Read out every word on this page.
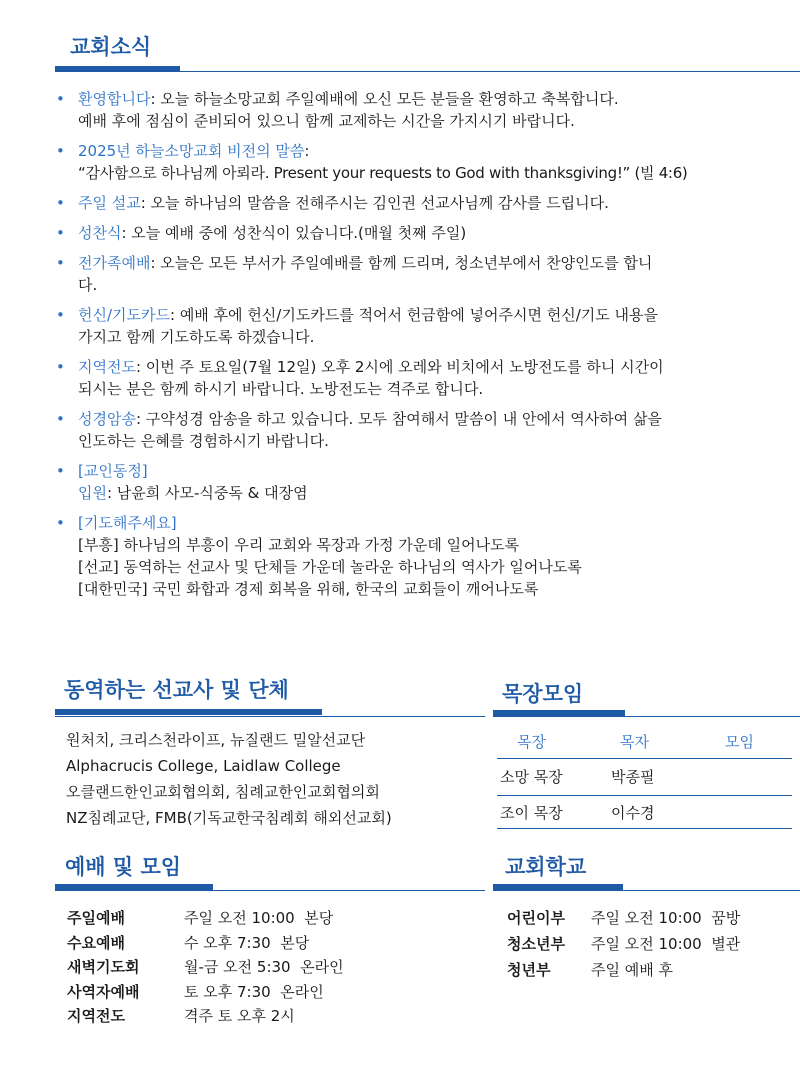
교회소식
• 환영합니다: 오늘 하늘소망교회 주일예배에 오신 모든 분들을 환영하고 축복합니다.
예배 후에 점심이 준비되어 있으니 함께 교제하는 시간을 가지시기 바랍니다.
• 2025년 하늘소망교회 비전의 말씀:
“감사함으로 하나님께 아뢰라. Present your requests to God with thanksgiving!” (빌 4:6)
• 주일 설교: 오늘 하나님의 말씀을 전해주시는 김인권 선교사님께 감사를 드립니다.
• 성찬식: 오늘 예배 중에 성찬식이 있습니다.(매월 첫째 주일)
• 전가족예배: 오늘은 모든 부서가 주일예배를 함께 드리며, 청소년부에서 찬양인도를 합니
다.
• 헌신/기도카드: 예배 후에 헌신/기도카드를 적어서 헌금함에 넣어주시면 헌신/기도 내용을
가지고 함께 기도하도록 하겠습니다.
• 지역전도: 이번 주 토요일(7월 12일) 오후 2시에 오레와 비치에서 노방전도를 하니 시간이
되시는 분은 함께 하시기 바랍니다. 노방전도는 격주로 합니다.
• 성경암송: 구약성경 암송을 하고 있습니다. 모두 참여해서 말씀이 내 안에서 역사하여 삶을
인도하는 은혜를 경험하시기 바랍니다.
• [교인동정]
입원: 남윤희 사모-식중독 & 대장염
• [기도해주세요]
[부흥] 하나님의 부흥이 우리 교회와 목장과 가정 가운데 일어나도록
[선교] 동역하는 선교사 및 단체들 가운데 놀라운 하나님의 역사가 일어나도록
[대한민국] 국민 화합과 경제 회복을 위해, 한국의 교회들이 깨어나도록
동역하는 선교사 및 단체
원처치, 크리스천라이프, 뉴질랜드 밀알선교단
Alphacrucis College, Laidlaw College
오클랜드한인교회협의회, 침례교한인교회협의회
NZ침례교단, FMB(기독교한국침례회 해외선교회)
목장모임
목장	목자	모임
소망 목장	박종필
조이 목장	이수경
예배 및 모임
주일예배	주일 오전 10:00  본당
수요예배	수 오후 7:30  본당
새벽기도회	월-금 오전 5:30  온라인
사역자예배	토 오후 7:30  온라인
지역전도	격주 토 오후 2시
교회학교
어린이부	주일 오전 10:00  꿈방
청소년부	주일 오전 10:00  별관
청년부	주일 예배 후
